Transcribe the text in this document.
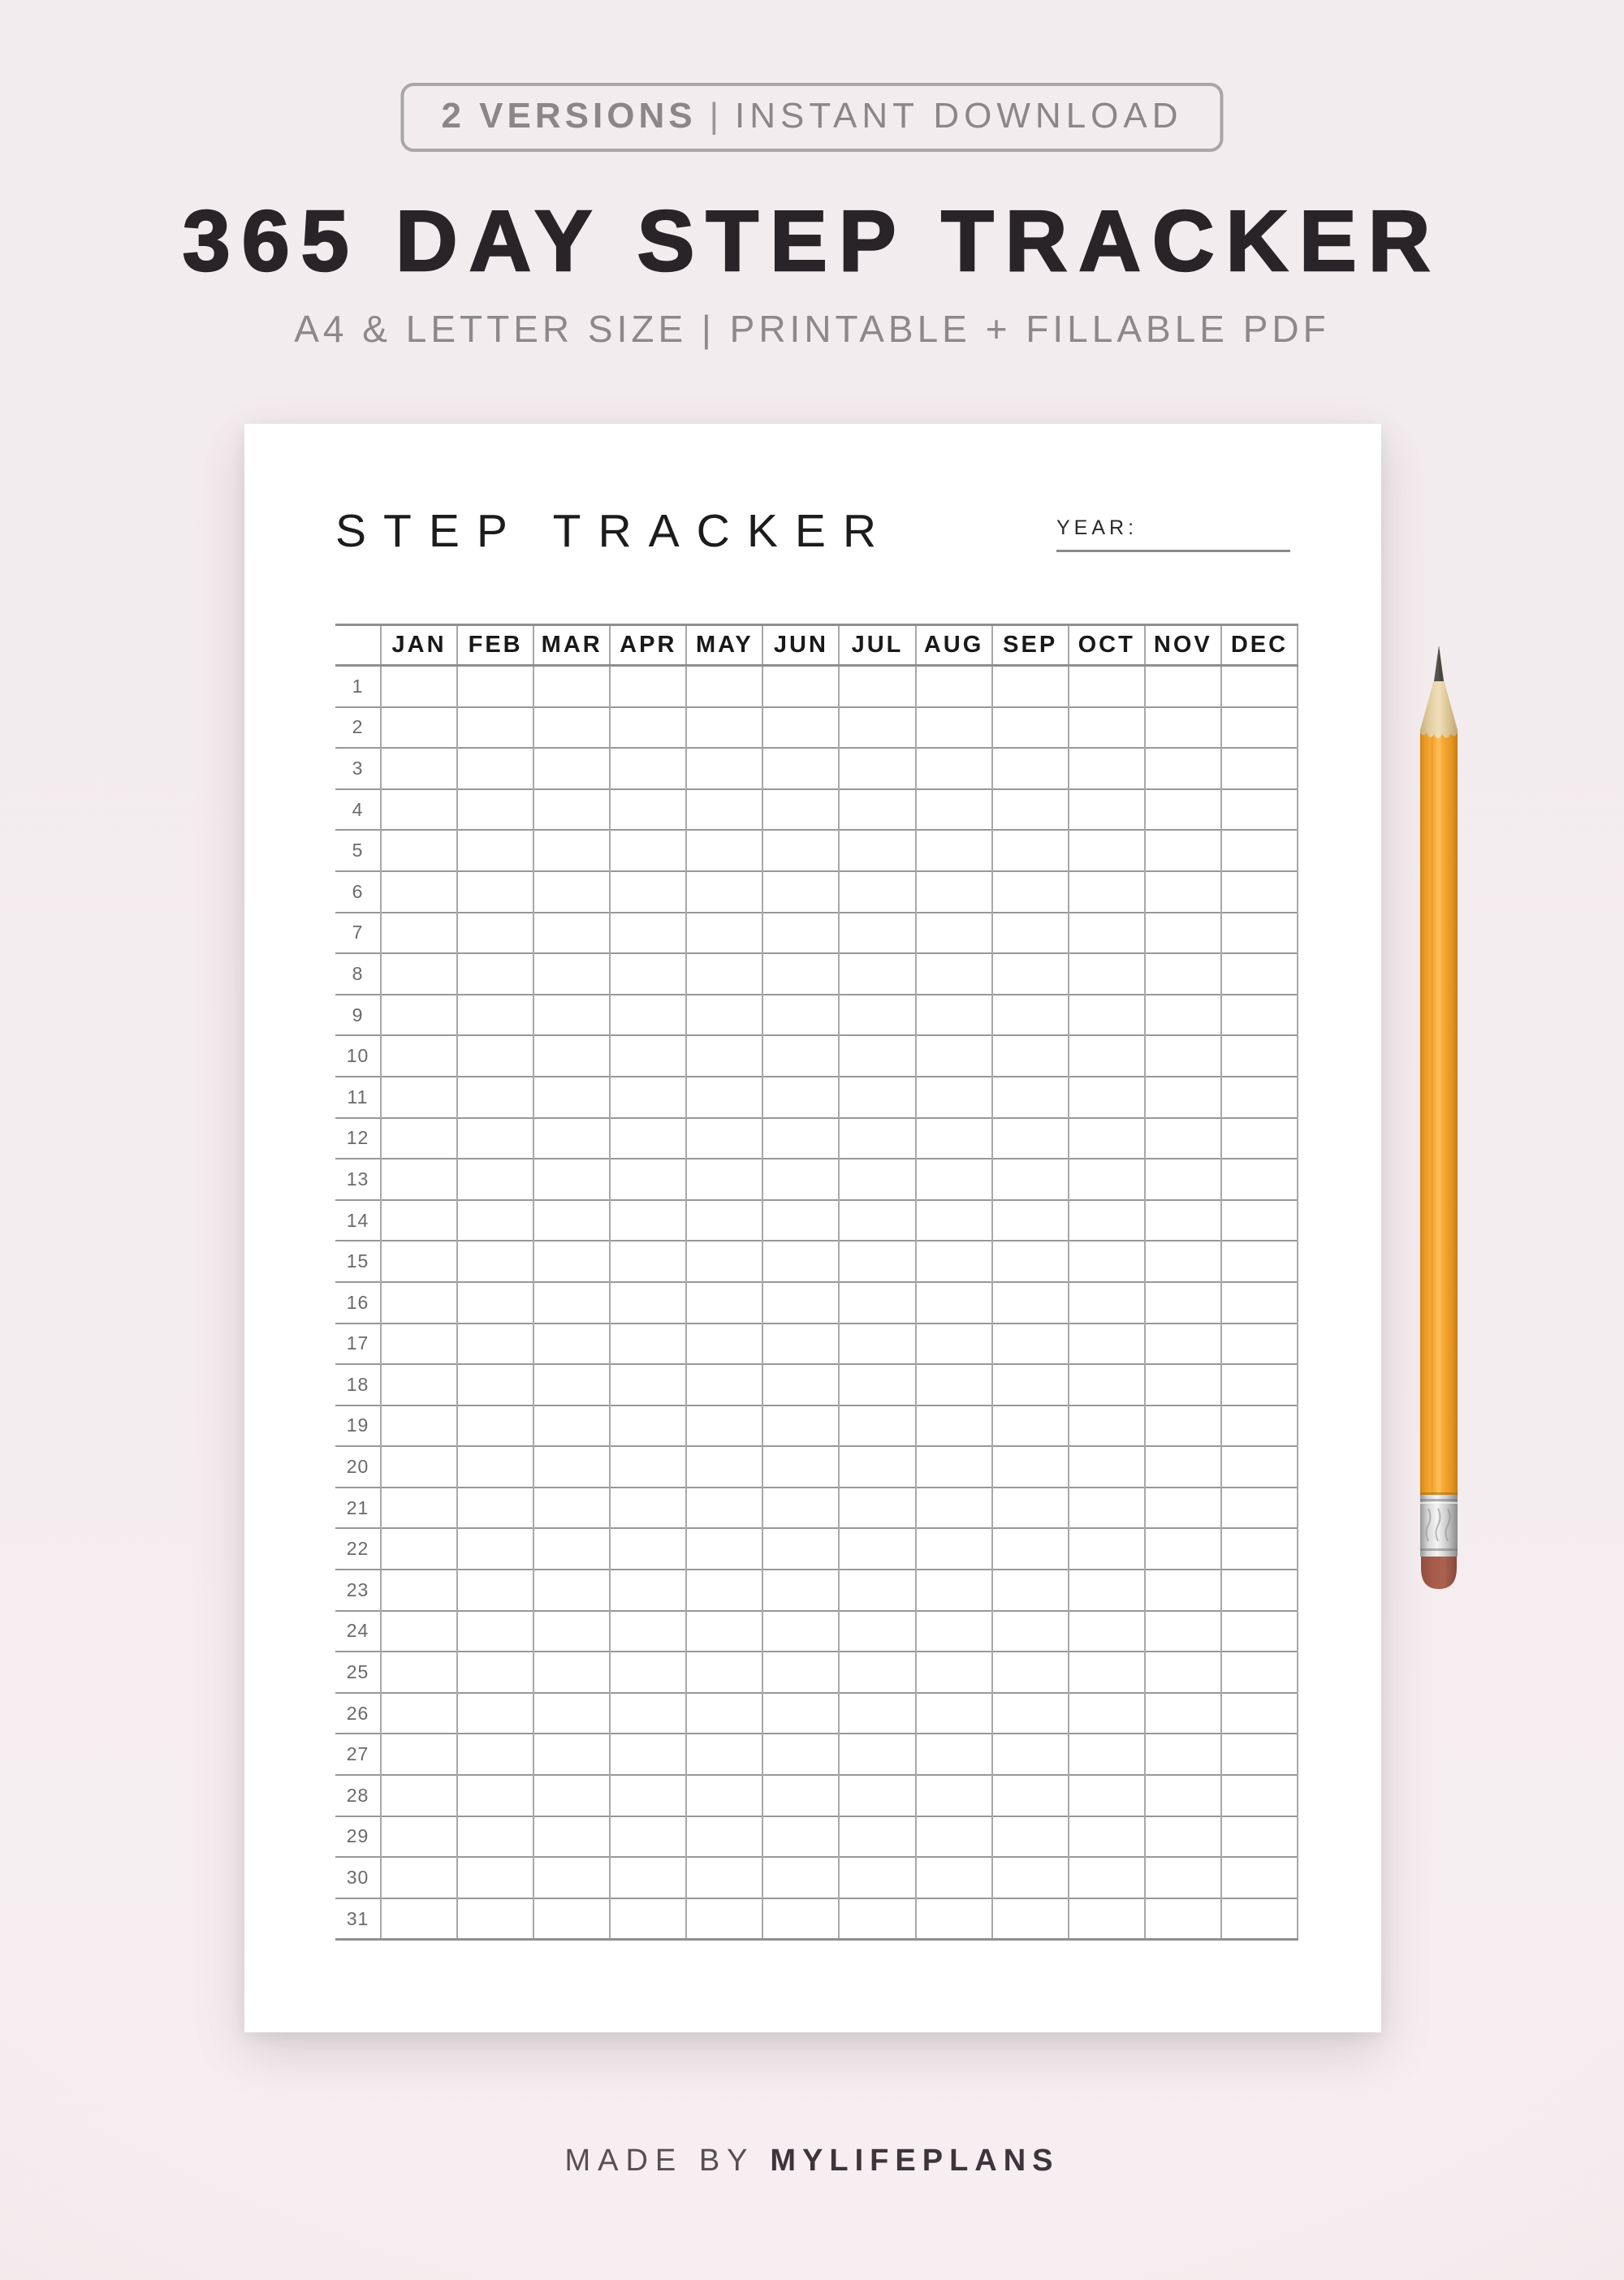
2 VERSIONS | INSTANT DOWNLOAD
365 DAY STEP TRACKER
A4 & LETTER SIZE | PRINTABLE + FILLABLE PDF
STEP TRACKER	YEAR:
	JAN	FEB	MAR	APR	MAY	JUN	JUL	AUG	SEP	OCT	NOV	DEC
1												
2												
3												
4												
5												
6												
7												
8												
9												
10												
11												
12												
13												
14												
15												
16												
17												
18												
19												
20												
21												
22												
23												
24												
25												
26												
27												
28												
29												
30												
31												
MADE BY MYLIFEPLANS
